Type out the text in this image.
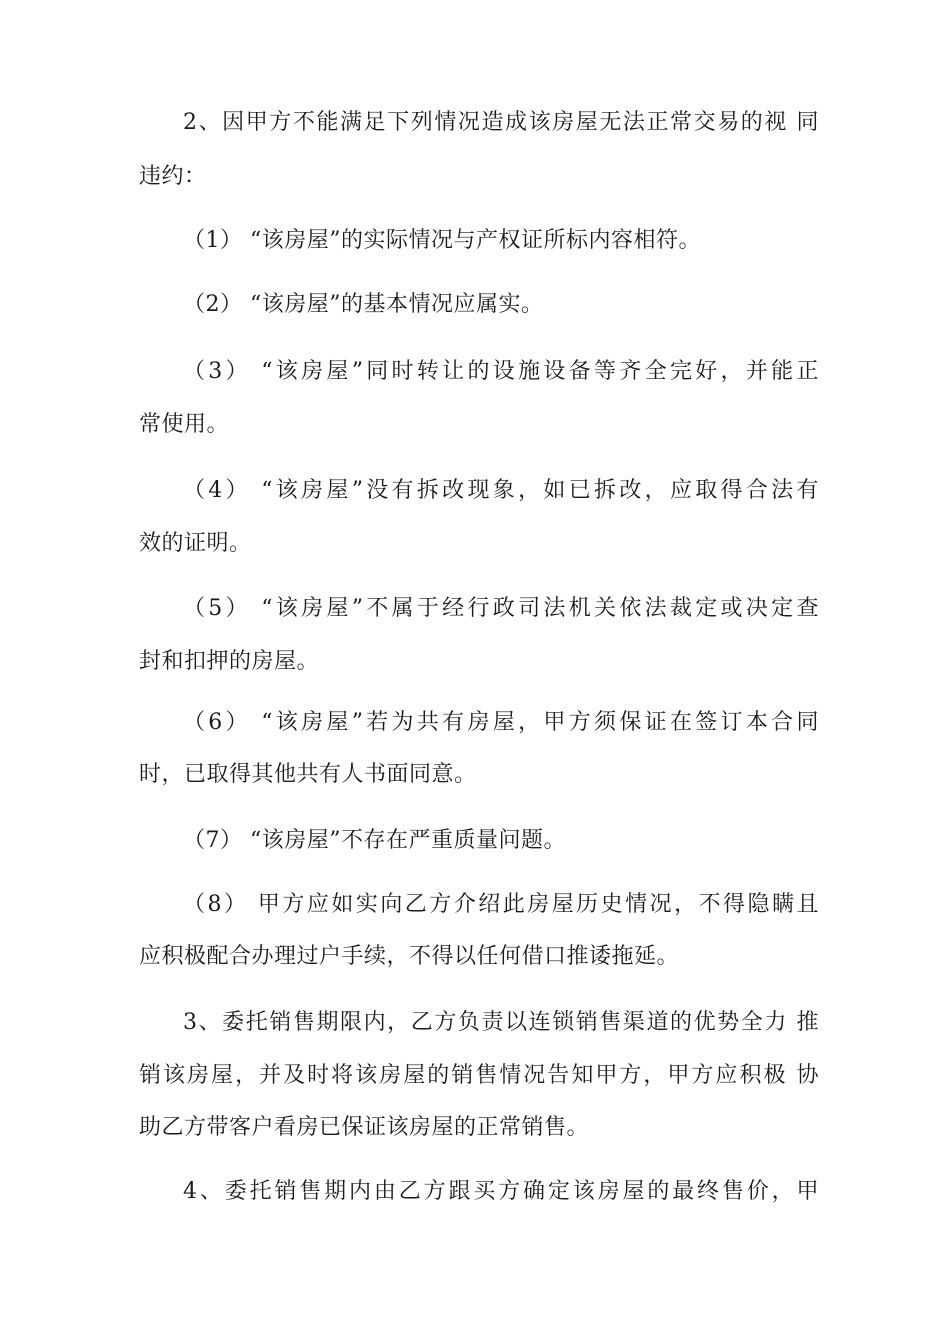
2、因甲方不能满足下列情况造成该房屋无法正常交易的视 同

违约：

（1） “该房屋”的实际情况与产权证所标内容相符。

（2） “该房屋”的基本情况应属实。

（3） “该房屋”同时转让的设施设备等齐全完好，并能正

常使用。

（4） “该房屋”没有拆改现象，如已拆改，应取得合法有

效的证明。

（5） “该房屋”不属于经行政司法机关依法裁定或决定查

封和扣押的房屋。

（6） “该房屋”若为共有房屋，甲方须保证在签订本合同

时，已取得其他共有人书面同意。

（7） “该房屋”不存在严重质量问题。

（8） 甲方应如实向乙方介绍此房屋历史情况，不得隐瞒且

应积极配合办理过户手续，不得以任何借口推诿拖延。

3、委托销售期限内，乙方负责以连锁销售渠道的优势全力 推

销该房屋，并及时将该房屋的销售情况告知甲方，甲方应积极 协

助乙方带客户看房已保证该房屋的正常销售。

4、委托销售期内由乙方跟买方确定该房屋的最终售价，甲
